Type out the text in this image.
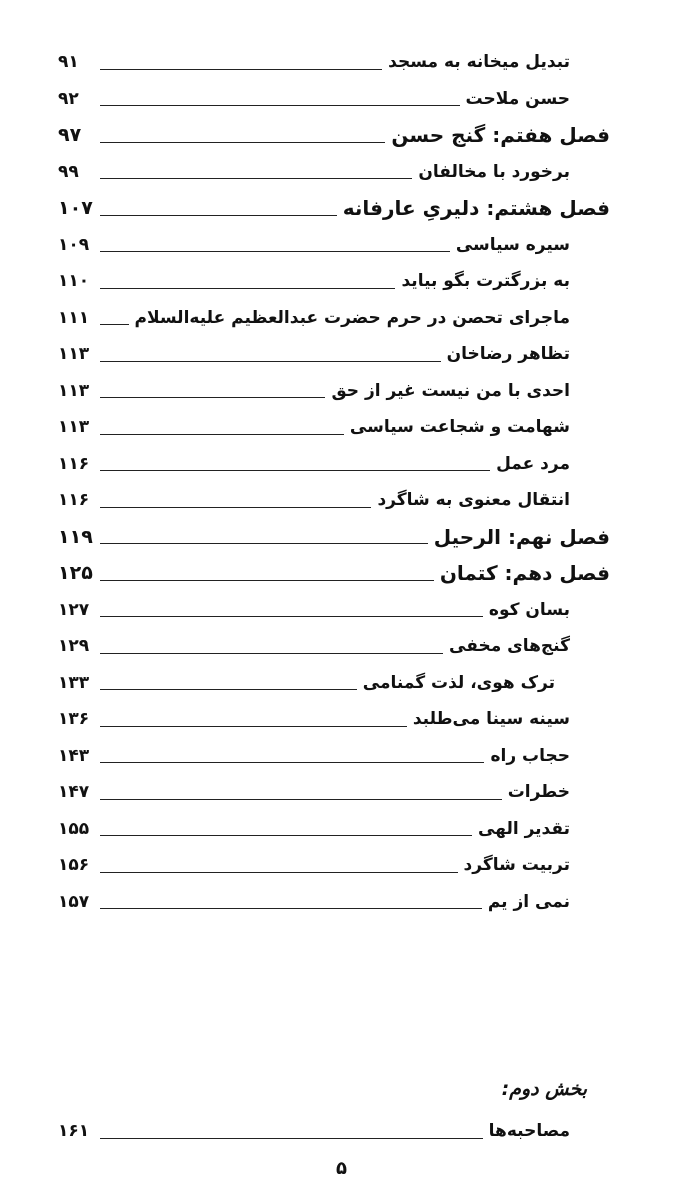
تبدیل میخانه به مسجد
۹۱
حسن ملاحت
۹۲
فصل هفتم: گنج حسن
۹۷
برخورد با مخالفان
۹۹
فصل هشتم: دلیریِ عارفانه
۱۰۷
سیره سیاسی
۱۰۹
به بزرگترت بگو بیاید
۱۱۰
ماجرای تحصن در حرم حضرت عبدالعظیم علیه‌السلام
۱۱۱
تظاهر رضاخان
۱۱۳
احدی با من نیست غیر از حق
۱۱۳
شهامت و شجاعت سیاسی
۱۱۳
مرد عمل
۱۱۶
انتقال معنوی به شاگرد
۱۱۶
فصل نهم: الرحیل
۱۱۹
فصل دهم: کتمان
۱۲۵
بسان کوه
۱۲۷
گنج‌های مخفی
۱۲۹
ترک هوی، لذت گمنامی
۱۳۳
سینه سینا می‌طلبد
۱۳۶
حجاب راه
۱۴۳
خطرات
۱۴۷
تقدیر الهی
۱۵۵
تربیت شاگرد
۱۵۶
نمی از یم
۱۵۷
بخش دوم:
مصاحبه‌ها
۱۶۱
۵
